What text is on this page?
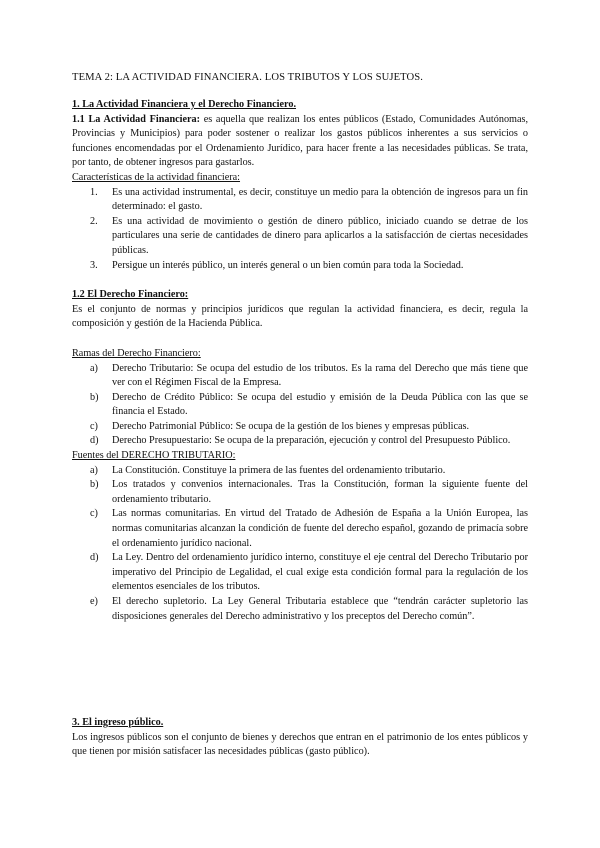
TEMA 2: LA ACTIVIDAD FINANCIERA. LOS TRIBUTOS Y LOS SUJETOS.

1. La Actividad Financiera y el Derecho Financiero.

1.1 La Actividad Financiera: es aquella que realizan los entes públicos (Estado, Comunidades Autónomas, Provincias y Municipios) para poder sostener o realizar los gastos públicos inherentes a sus servicios o funciones encomendadas por el Ordenamiento Jurídico, para hacer frente a las necesidades públicas. Se trata, por tanto, de obtener ingresos para gastarlos.

Características de la actividad financiera:

1. Es una actividad instrumental, es decir, constituye un medio para la obtención de ingresos para un fin determinado: el gasto.
2. Es una actividad de movimiento o gestión de dinero público, iniciado cuando se detrae de los particulares una serie de cantidades de dinero para aplicarlos a la satisfacción de ciertas necesidades públicas.
3. Persigue un interés público, un interés general o un bien común para toda la Sociedad.

1.2 El Derecho Financiero:

Es el conjunto de normas y principios jurídicos que regulan la actividad financiera, es decir, regula la composición y gestión de la Hacienda Pública.

Ramas del Derecho Financiero:

a) Derecho Tributario: Se ocupa del estudio de los tributos. Es la rama del Derecho que más tiene que ver con el Régimen Fiscal de la Empresa.
b) Derecho de Crédito Público: Se ocupa del estudio y emisión de la Deuda Pública con las que se financia el Estado.
c) Derecho Patrimonial Público: Se ocupa de la gestión de los bienes y empresas públicas.
d) Derecho Presupuestario: Se ocupa de la preparación, ejecución y control del Presupuesto Público.

Fuentes del DERECHO TRIBUTARIO:

a) La Constitución. Constituye la primera de las fuentes del ordenamiento tributario.
b) Los tratados y convenios internacionales. Tras la Constitución, forman la siguiente fuente del ordenamiento tributario.
c) Las normas comunitarias. En virtud del Tratado de Adhesión de España a la Unión Europea, las normas comunitarias alcanzan la condición de fuente del derecho español, gozando de primacía sobre el ordenamiento jurídico nacional.
d) La Ley. Dentro del ordenamiento jurídico interno, constituye el eje central del Derecho Tributario por imperativo del Principio de Legalidad, el cual exige esta condición formal para la regulación de los elementos esenciales de los tributos.
e) El derecho supletorio. La Ley General Tributaria establece que “tendrán carácter supletorio las disposiciones generales del Derecho administrativo y los preceptos del Derecho común”.

3. El ingreso público.

Los ingresos públicos son el conjunto de bienes y derechos que entran en el patrimonio de los entes públicos y que tienen por misión satisfacer las necesidades públicas (gasto público).
